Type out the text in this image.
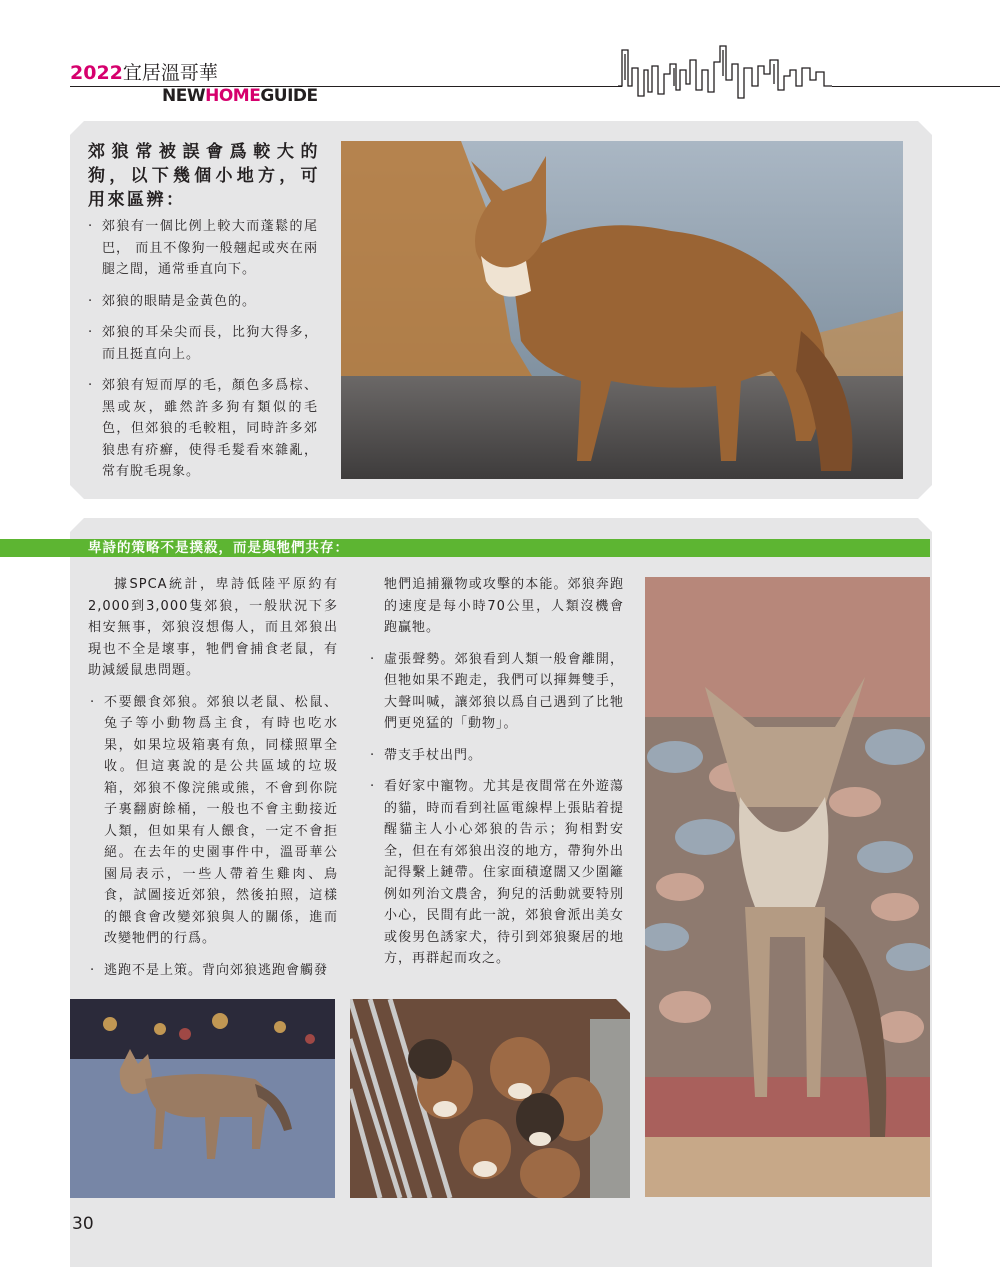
2022宜居溫哥華
NEWHOMEGUIDE
郊狼常被誤會爲較大的狗，以下幾個小地方，可用來區辨：
‧ 郊狼有一個比例上較大而蓬鬆的尾巴， 而且不像狗一般翹起或夾在兩腿之間，通常垂直向下。
‧ 郊狼的眼睛是金黃色的。
‧ 郊狼的耳朵尖而長，比狗大得多，而且挺直向上。
‧ 郊狼有短而厚的毛，顏色多爲棕、黑或灰，雖然許多狗有類似的毛色，但郊狼的毛較粗，同時許多郊狼患有疥癬，使得毛髮看來雜亂，常有脫毛現象。
卑詩的策略不是撲殺，而是與牠們共存：

據SPCA統計，卑詩低陸平原約有2,000到3,000隻郊狼，一般狀況下多相安無事，郊狼沒想傷人，而且郊狼出現也不全是壞事，牠們會捕食老鼠，有助減緩鼠患問題。

‧ 不要餵食郊狼。郊狼以老鼠、松鼠、兔子等小動物爲主食，有時也吃水果，如果垃圾箱裏有魚，同樣照單全收。但這裏說的是公共區域的垃圾箱，郊狼不像浣熊或熊，不會到你院子裏翻廚餘桶，一般也不會主動接近人類，但如果有人餵食，一定不會拒絕。在去年的史園事件中，溫哥華公園局表示，一些人帶着生雞肉、鳥食，試圖接近郊狼，然後拍照，這樣的餵食會改變郊狼與人的關係，進而改變牠們的行爲。
‧ 逃跑不是上策。背向郊狼逃跑會觸發

牠們追捕獵物或攻擊的本能。郊狼奔跑的速度是每小時70公里，人類沒機會跑贏牠。

‧ 虛張聲勢。郊狼看到人類一般會離開，但牠如果不跑走，我們可以揮舞雙手，大聲叫喊，讓郊狼以爲自己遇到了比牠們更兇猛的「動物」。
‧ 帶支手杖出門。
‧ 看好家中寵物。尤其是夜間常在外遊蕩的貓，時而看到社區電線桿上張貼着提醒貓主人小心郊狼的告示；狗相對安全，但在有郊狼出沒的地方，帶狗外出記得繫上鏈帶。住家面積遼闊又少圍籬例如列治文農舍，狗兒的活動就要特別小心，民間有此一說，郊狼會派出美女或俊男色誘家犬，待引到郊狼聚居的地方，再群起而攻之。
30
